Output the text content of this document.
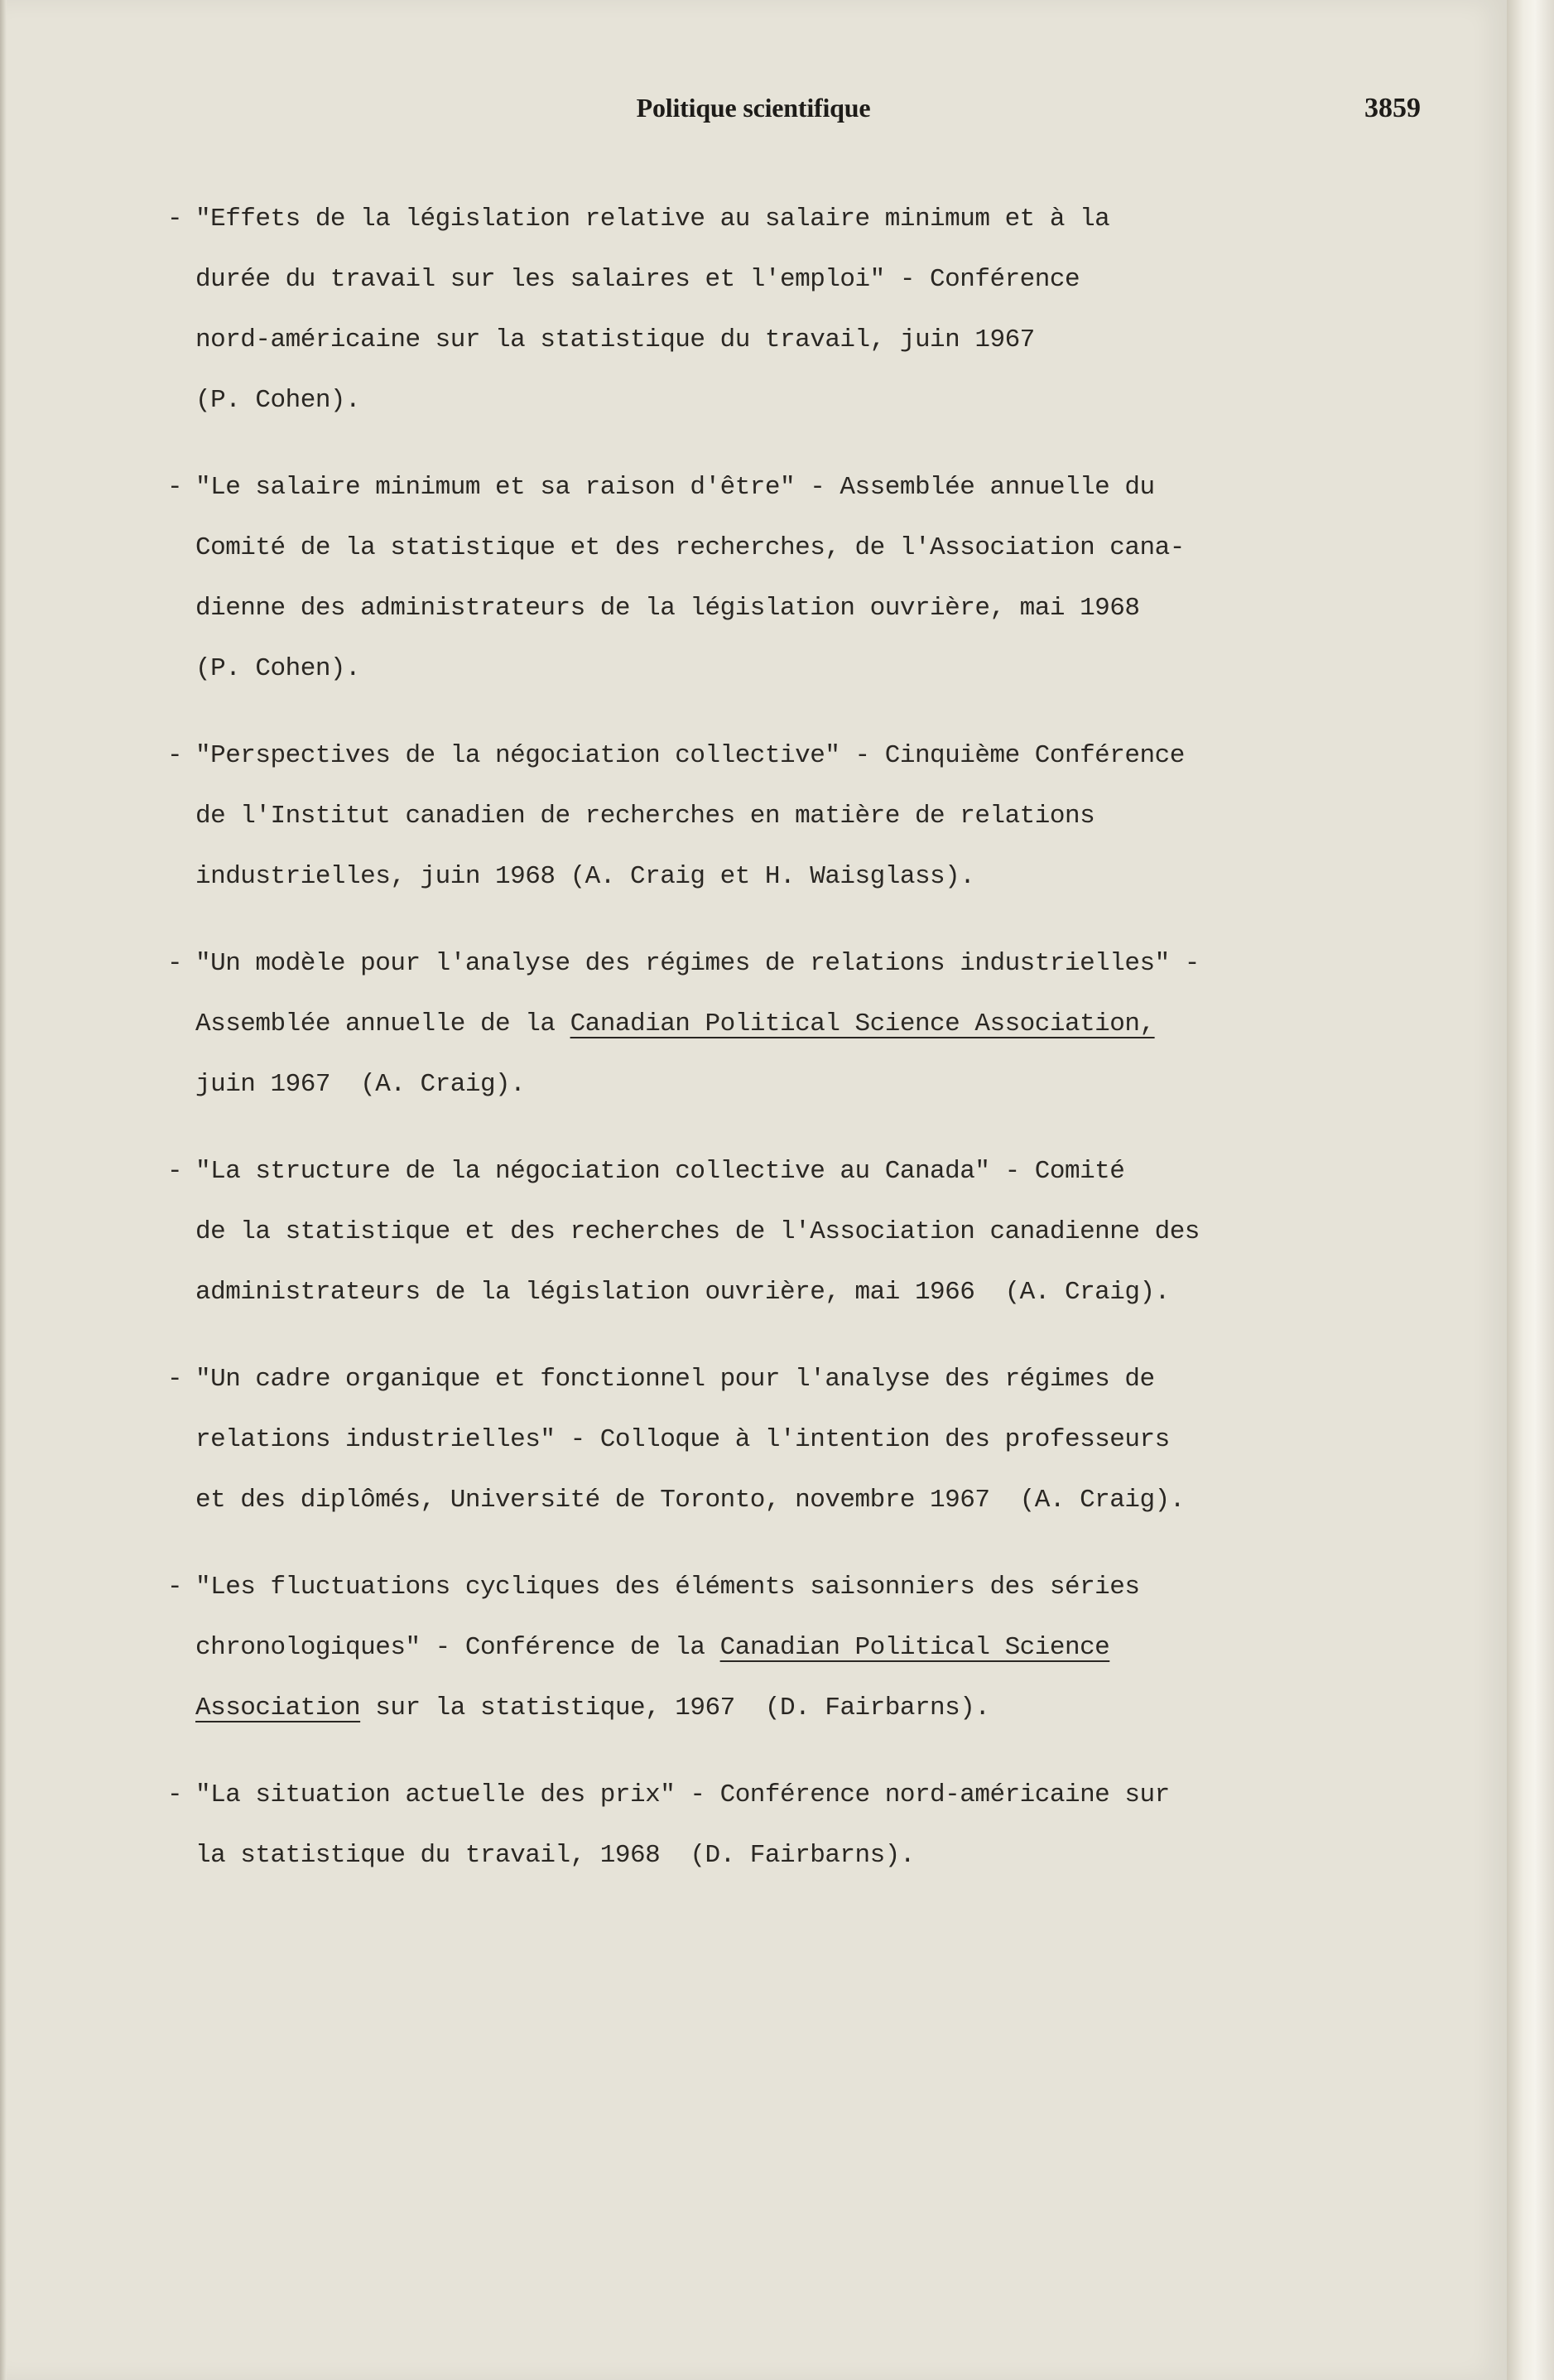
Politique scientifique	3859
- "Effets de la législation relative au salaire minimum et à la
durée du travail sur les salaires et l'emploi" - Conférence
nord-américaine sur la statistique du travail, juin 1967
(P. Cohen).
- "Le salaire minimum et sa raison d'être" - Assemblée annuelle du
Comité de la statistique et des recherches, de l'Association cana-
dienne des administrateurs de la législation ouvrière, mai 1968
(P. Cohen).
- "Perspectives de la négociation collective" - Cinquième Conférence
de l'Institut canadien de recherches en matière de relations
industrielles, juin 1968 (A. Craig et H. Waisglass).
- "Un modèle pour l'analyse des régimes de relations industrielles" -
Assemblée annuelle de la Canadian Political Science Association,
juin 1967  (A. Craig).
- "La structure de la négociation collective au Canada" - Comité
de la statistique et des recherches de l'Association canadienne des
administrateurs de la législation ouvrière, mai 1966  (A. Craig).
- "Un cadre organique et fonctionnel pour l'analyse des régimes de
relations industrielles" - Colloque à l'intention des professeurs
et des diplômés, Université de Toronto, novembre 1967  (A. Craig).
- "Les fluctuations cycliques des éléments saisonniers des séries
chronologiques" - Conférence de la Canadian Political Science
Association sur la statistique, 1967  (D. Fairbarns).
- "La situation actuelle des prix" - Conférence nord-américaine sur
la statistique du travail, 1968  (D. Fairbarns).
